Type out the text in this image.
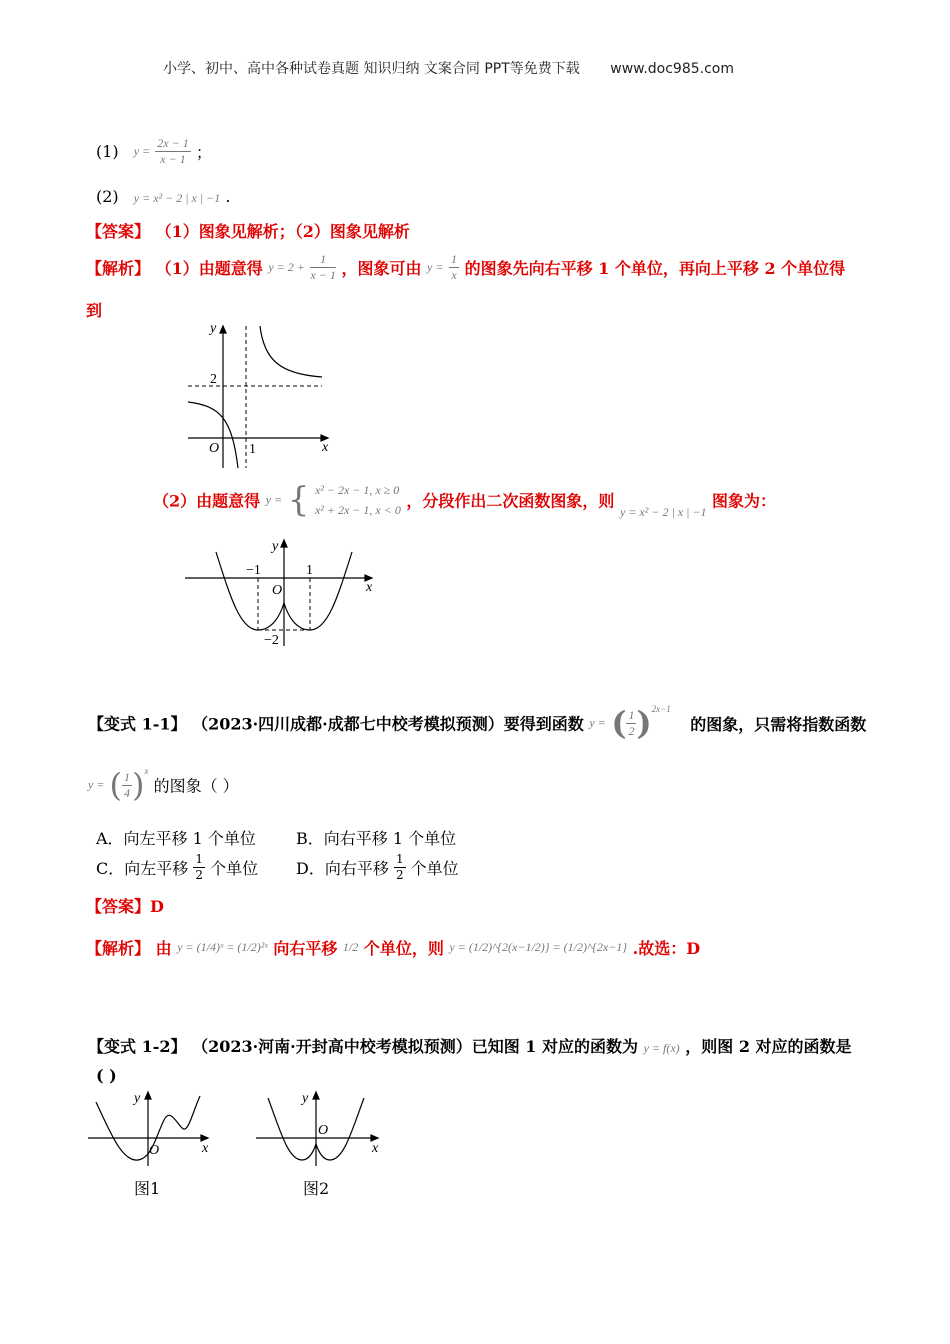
小学、初中、高中各种试卷真题 知识归纳 文案合同 PPT等免费下载 www.doc985.com
(1) $y = \frac{2x - 1}{x - 1}$ ；
(2) y = x² − 2 | x | −1 .
【答案】 （1）图象见解析；（2）图象见解析
【解析】 （1）由题意得 $y = 2 + \frac{1}{x - 1}$ ，图象可由 $y = \frac{1}{x}$ 的图象先向右平移 1 个单位，再向上平移 2 个单位得
到
y
x
O
2
1
（2）由题意得 y = { x² − 2x − 1, x ≥ 0
x² + 2x − 1, x < 0 ，分段作出二次函数图象，则 y = x² − 2 | x | −1 图象为：
y
x
O
−1	1
−2
【变式 1-1】 （2023·四川成都·成都七中校考模拟预测）要得到函数 y = ( $\frac{1}{2} )^{2x-1}$ 的图象，只需将指数函数
y = ( $\frac{1}{4} )^x$ 的图象（ ）
A．向左平移 1 个单位	B．向右平移 1 个单位
C．向左平移 $\frac{1}{2}$ 个单位 D．向右平移 $\frac{1}{2}$ 个单位
【答案】D
【解析】 由 y = (1/4)ˣ = (1/2)²ˣ 向右平移 1/2 个单位，则 y = (1/2)^{2(x−1/2)} = (1/2)^{2x−1} .故选：D
【变式 1-2】 （2023·河南·开封高中校考模拟预测）已知图 1 对应的函数为 y = f(x) ，则图 2 对应的函数是
( )
y
x
O
图1
y
x
O
图2
